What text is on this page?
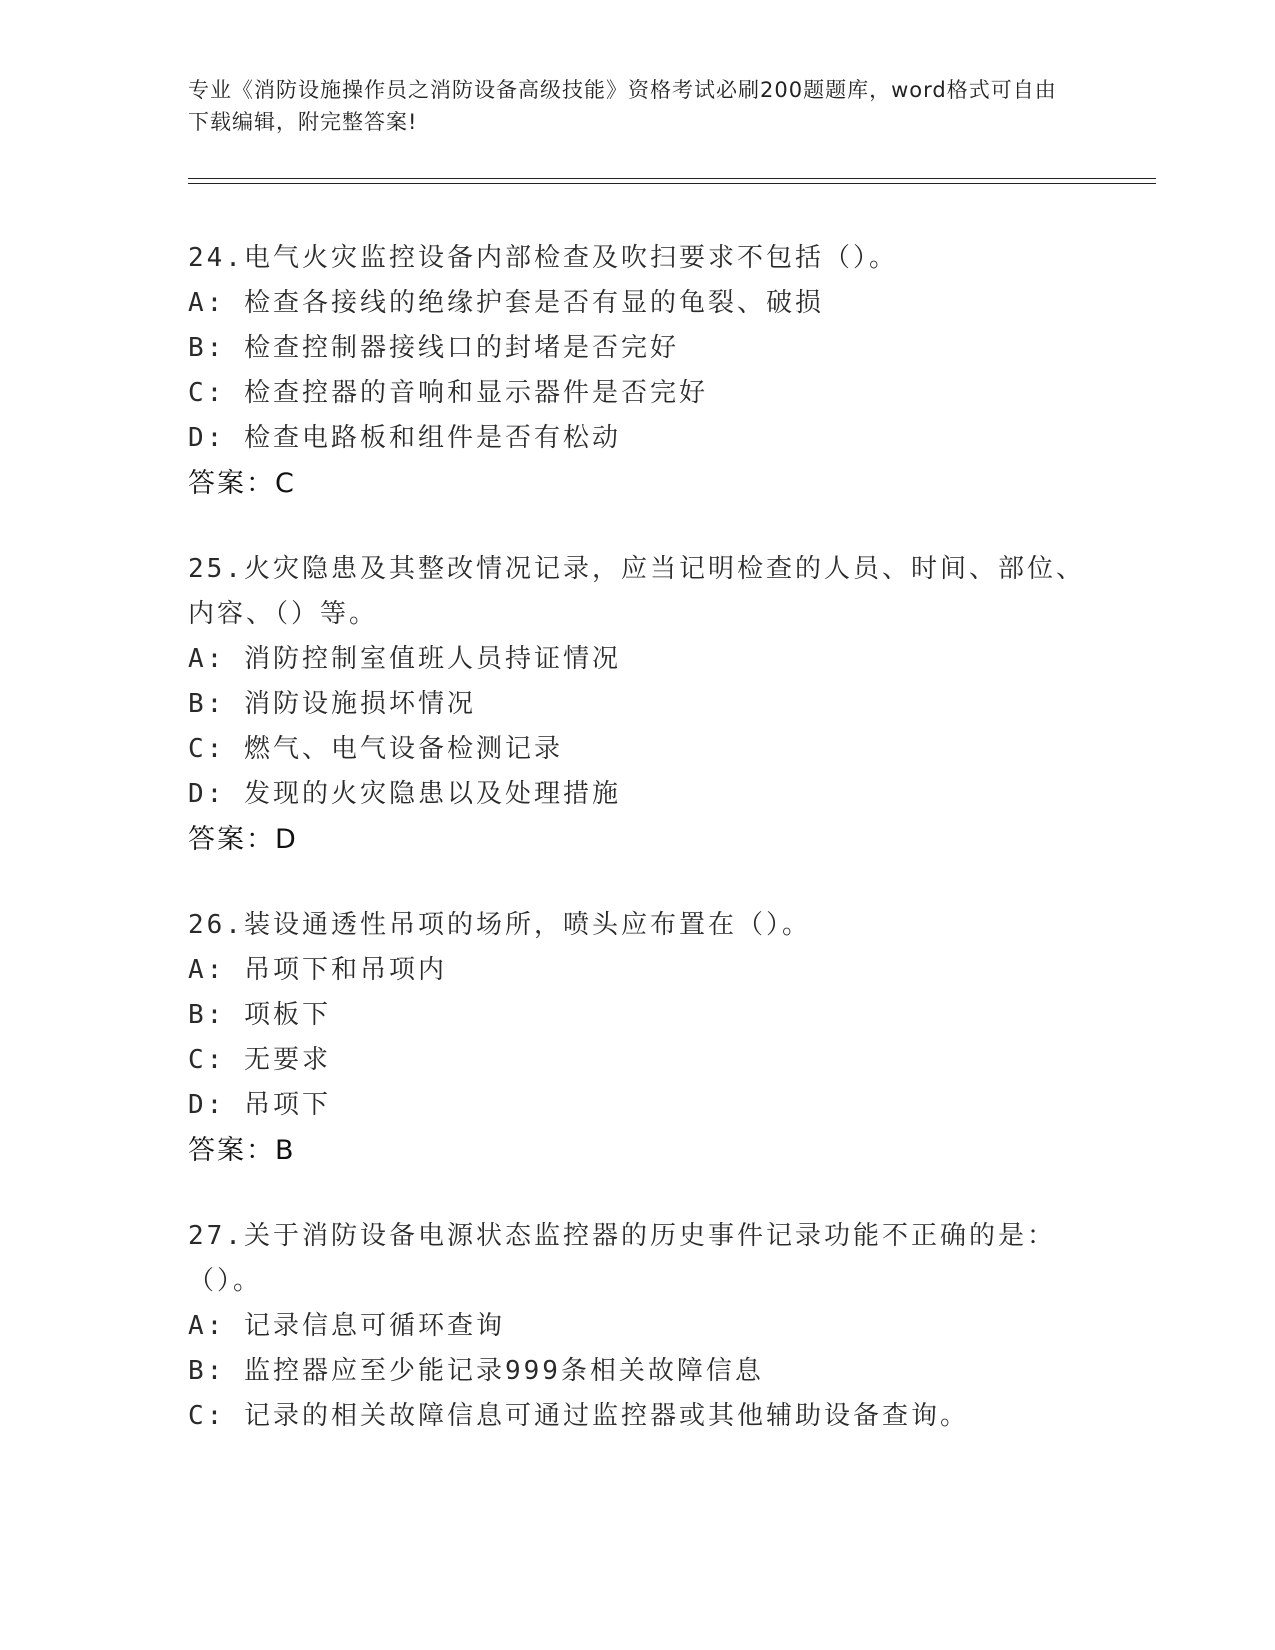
专业《消防设施操作员之消防设备高级技能》资格考试必刷200题题库，word格式可自由下载编辑，附完整答案!
24.电气火灾监控设备内部检查及吹扫要求不包括（）。
A: 检查各接线的绝缘护套是否有显的龟裂、破损
B: 检查控制器接线口的封堵是否完好
C: 检查控器的音响和显示器件是否完好
D: 检查电路板和组件是否有松动
答案：C
25.火灾隐患及其整改情况记录，应当记明检查的人员、时间、部位、内容、（）等。
A: 消防控制室值班人员持证情况
B: 消防设施损坏情况
C: 燃气、电气设备检测记录
D: 发现的火灾隐患以及处理措施
答案：D
26.装设通透性吊项的场所，喷头应布置在（）。
A: 吊项下和吊项内
B: 项板下
C: 无要求
D: 吊项下
答案：B
27.关于消防设备电源状态监控器的历史事件记录功能不正确的是：（）。
A: 记录信息可循环查询
B: 监控器应至少能记录999条相关故障信息
C: 记录的相关故障信息可通过监控器或其他辅助设备查询。
